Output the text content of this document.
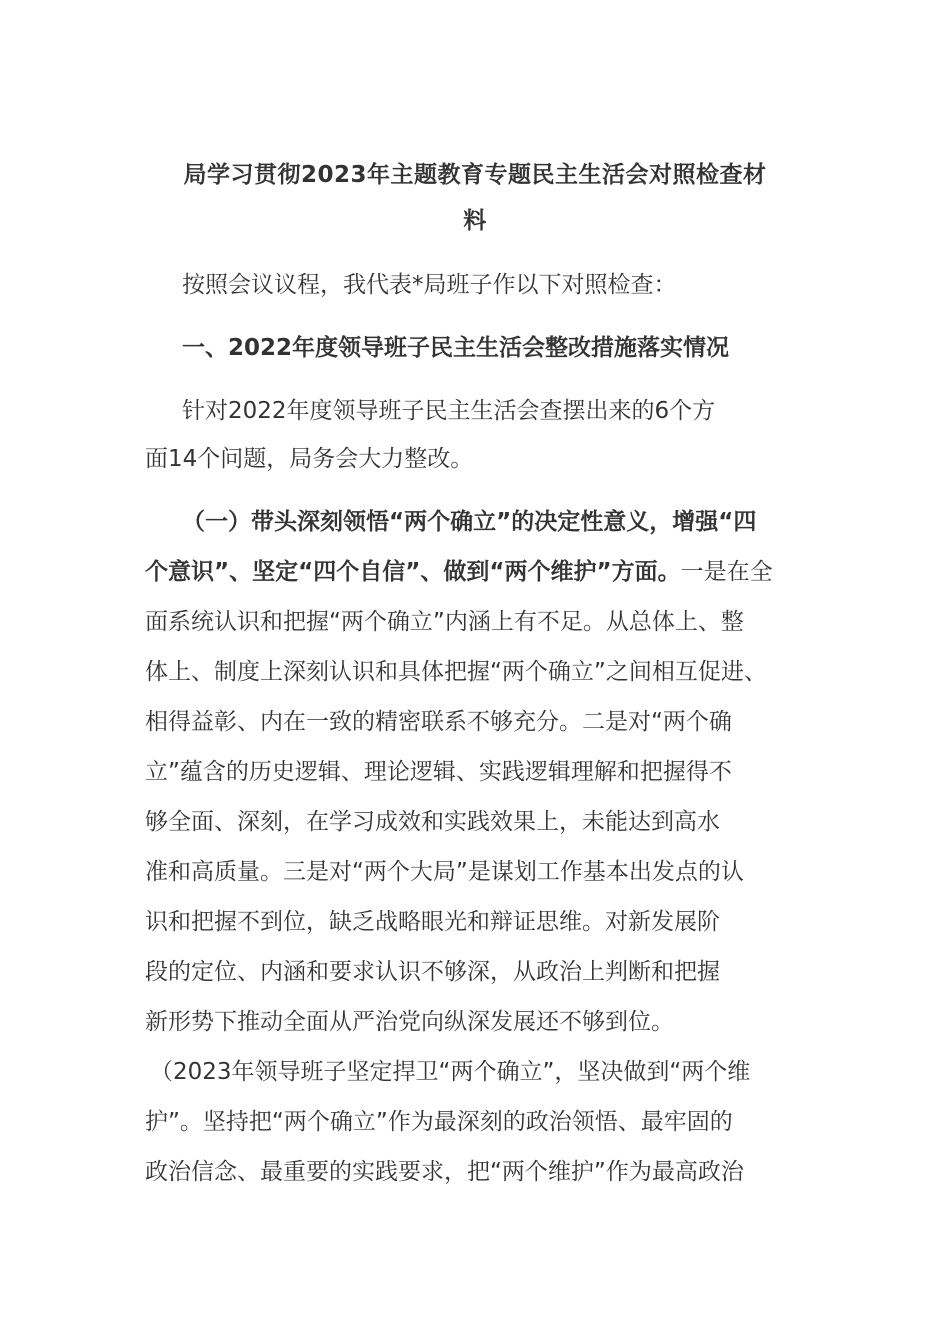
局学习贯彻2023年主题教育专题民主生活会对照检查材
料
按照会议议程，我代表*局班子作以下对照检查：
一、2022年度领导班子民主生活会整改措施落实情况
针对2022年度领导班子民主生活会查摆出来的6个方
面14个问题，局务会大力整改。
（一）带头深刻领悟“两个确立”的决定性意义，增强“四
个意识”、坚定“四个自信”、做到“两个维护”方面。一是在全
面系统认识和把握“两个确立”内涵上有不足。从总体上、整
体上、制度上深刻认识和具体把握“两个确立”之间相互促进、
相得益彰、内在一致的精密联系不够充分。二是对“两个确
立”蕴含的历史逻辑、理论逻辑、实践逻辑理解和把握得不
够全面、深刻，在学习成效和实践效果上，未能达到高水
准和高质量。三是对“两个大局”是谋划工作基本出发点的认
识和把握不到位，缺乏战略眼光和辩证思维。对新发展阶
段的定位、内涵和要求认识不够深，从政治上判断和把握
新形势下推动全面从严治党向纵深发展还不够到位。
（2023年领导班子坚定捍卫“两个确立”，坚决做到“两个维
护”。坚持把“两个确立”作为最深刻的政治领悟、最牢固的
政治信念、最重要的实践要求，把“两个维护”作为最高政治
